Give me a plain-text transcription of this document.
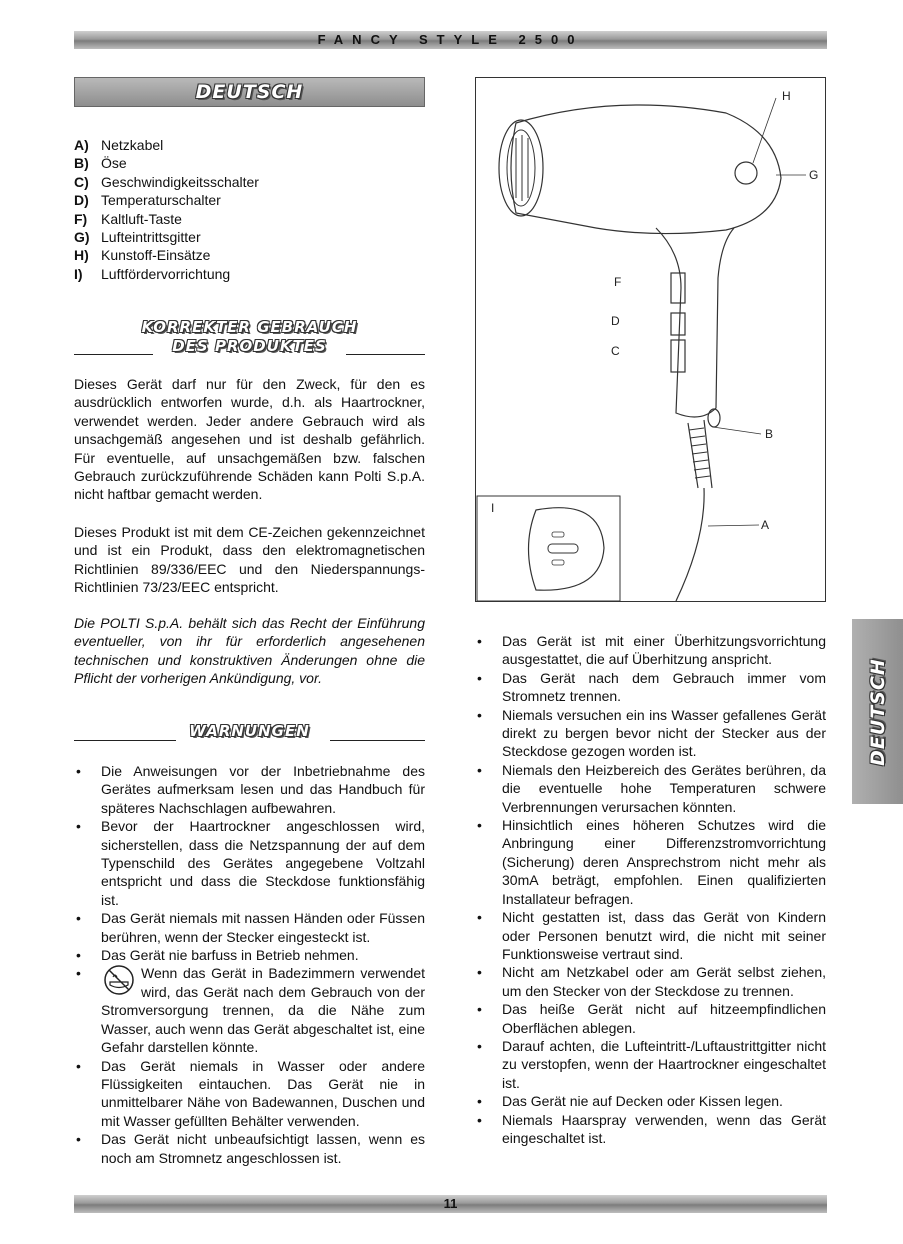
FANCY STYLE 2500
DEUTSCH
A) Netzkabel
B) Öse
C) Geschwindigkeitsschalter
D) Temperaturschalter
F) Kaltluft-Taste
G) Lufteintrittsgitter
H) Kunstoff-Einsätze
I)	Luftfördervorrichtung
KORREKTER GEBRAUCH
DES PRODUKTES
Dieses Gerät darf nur für den Zweck, für den es ausdrücklich entworfen wurde, d.h. als Haartrockner, verwendet werden. Jeder andere Gebrauch wird als unsachgemäß angesehen und ist deshalb gefährlich. Für eventuelle, auf unsachgemäßen bzw. falschen Gebrauch zurückzuführende Schäden kann Polti S.p.A. nicht haftbar gemacht werden.
Dieses Produkt ist mit dem CE-Zeichen gekennzeichnet und ist ein Produkt, dass den elektromagnetischen Richtlinien 89/336/EEC und den Niederspannungs-Richtlinien 73/23/EEC entspricht.
Die POLTI S.p.A. behält sich das Recht der Einführung eventueller, von ihr für erforderlich angesehenen technischen und konstruktiven Änderungen ohne die Pflicht der vorherigen Ankündigung, vor.
WARNUNGEN
• Die Anweisungen vor der Inbetriebnahme des Gerätes aufmerksam lesen und das Handbuch für späteres Nachschlagen aufbewahren.
• Bevor der Haartrockner angeschlossen wird, sicherstellen, dass die Netzspannung der auf dem Typenschild des Gerätes angegebene Voltzahl entspricht und dass die Steckdose funktionsfähig ist.
• Das Gerät niemals mit nassen Händen oder Füssen berühren, wenn der Stecker eingesteckt ist.
• Das Gerät nie barfuss in Betrieb nehmen.
• Wenn das Gerät in Badezimmern verwendet wird, das Gerät nach dem Gebrauch von der Stromversorgung trennen, da die Nähe zum Wasser, auch wenn das Gerät abgeschaltet ist, eine Gefahr darstellen könnte.
• Das Gerät niemals in Wasser oder andere Flüssigkeiten eintauchen. Das Gerät nie in unmittelbarer Nähe von Badewannen, Duschen und mit Wasser gefüllten Behälter verwenden.
• Das Gerät nicht unbeaufsichtigt lassen, wenn es noch am Stromnetz angeschlossen ist.
H
G
F
D
C
B
A
I
• Das Gerät ist mit einer Überhitzungsvorrichtung ausgestattet, die auf Überhitzung anspricht.
• Das Gerät nach dem Gebrauch immer vom Stromnetz trennen.
• Niemals versuchen ein ins Wasser gefallenes Gerät direkt zu bergen bevor nicht der Stecker aus der Steckdose gezogen worden ist.
• Niemals den Heizbereich des Gerätes berühren, da die eventuelle hohe Temperaturen schwere Verbrennungen verursachen könnten.
• Hinsichtlich eines höheren Schutzes wird die Anbringung einer Differenzstromvorrichtung (Sicherung) deren Ansprechstrom nicht mehr als 30mA beträgt, empfohlen. Einen qualifizierten Installateur befragen.
• Nicht gestatten ist, dass das Gerät von Kindern oder Personen benutzt wird, die nicht mit seiner Funktionsweise vertraut sind.
• Nicht am Netzkabel oder am Gerät selbst ziehen, um den Stecker von der Steckdose zu trennen.
• Das heiße Gerät nicht auf hitzeempfindlichen Oberflächen ablegen.
• Darauf achten, die Lufteintritt-/Luftaustrittgitter nicht zu verstopfen, wenn der Haartrockner eingeschaltet ist.
• Das Gerät nie auf Decken oder Kissen legen.
• Niemals Haarspray verwenden, wenn das Gerät eingeschaltet ist.
DEUTSCH
11
